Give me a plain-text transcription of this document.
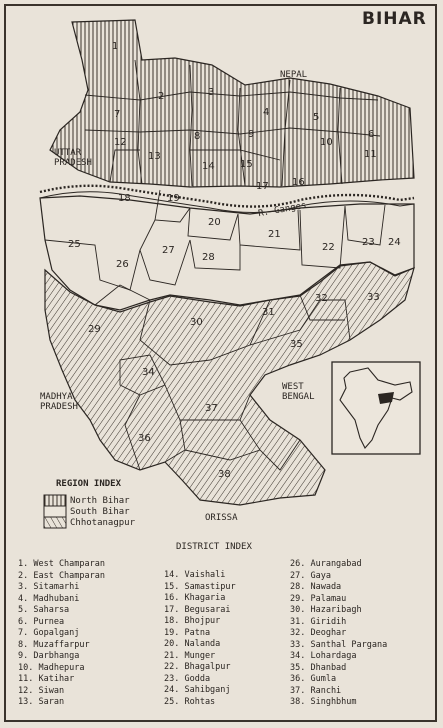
BIHAR
NEPAL
UTTAR
PRADESH
MADHYA
PRADESH
WEST
BENGAL
ORISSA
R. Ganges
1
2	3
4	5
6
7
8	9
10
11
12
13
14	15
16
17
18	19
20
21
22	23 24
25
26
27
28
29
30
31
32	33
34
35
36
37
38
REGION INDEX
North Bihar
South Bihar
Chhotanagpur
DISTRICT INDEX
1. West Champaran
2. East Champaran
3. Sitamarhi
4. Madhubani
5. Saharsa
6. Purnea
7. Gopalganj
8. Muzaffarpur
9. Darbhanga
10. Madhepura
11. Katihar
12. Siwan
13. Saran
14. Vaishali
15. Samastipur
16. Khagaria
17. Begusarai
18. Bhojpur
19. Patna
20. Nalanda
21. Munger
22. Bhagalpur
23. Godda
24. Sahibganj
25. Rohtas
26. Aurangabad
27. Gaya
28. Nawada
29. Palamau
30. Hazaribagh
31. Giridih
32. Deoghar
33. Santhal Pargana
34. Lohardaga
35. Dhanbad
36. Gumla
37. Ranchi
38. Singhbhum
